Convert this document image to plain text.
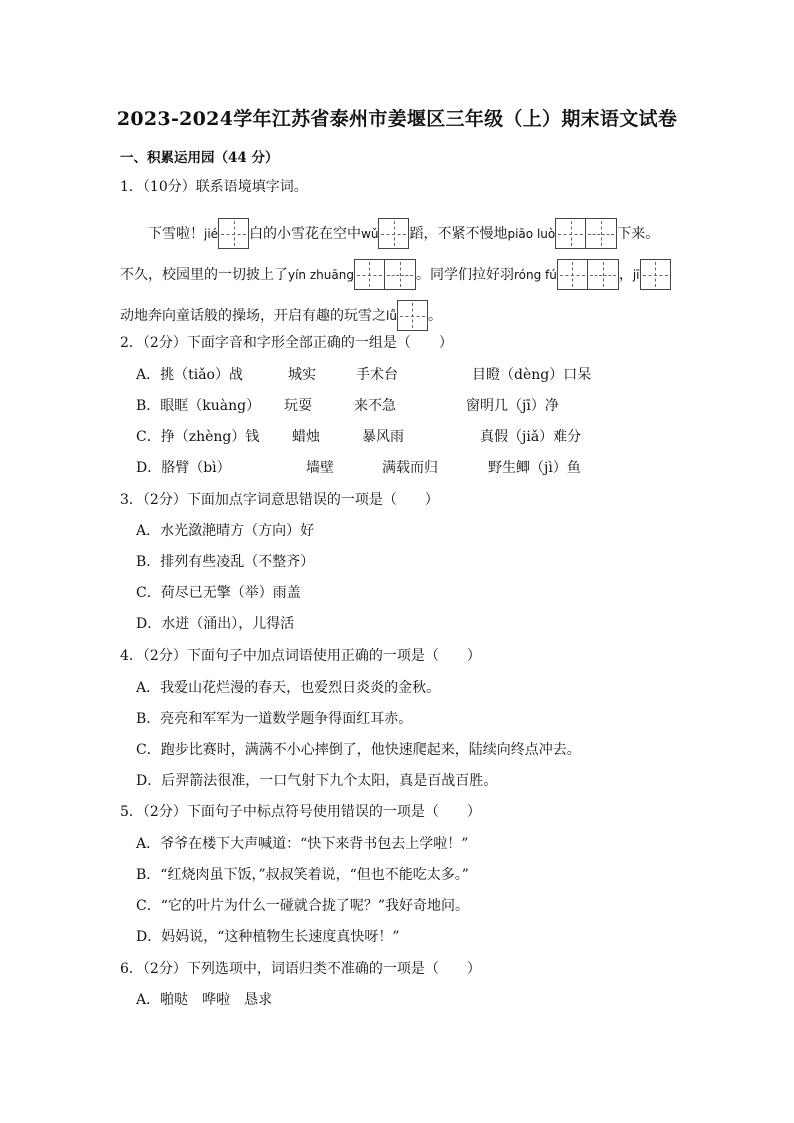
2023-2024学年江苏省泰州市姜堰区三年级（上）期末语文试卷
一、积累运用园（44 分）
1．（10分）联系语境填字词。
下雪啦！jié 白的小雪花在空中wǔ 蹈，不紧不慢地piāo luò	下来。
不久，校园里的一切披上了yín zhuāng	。同学们拉好羽róng fú	，jī
动地奔向童话般的操场，开启有趣的玩雪之lǚ 。
2．（2分）下面字音和字形全部正确的一组是（　　）
A．挑（tiǎo）战	城实	手术台	目瞪（dèng）口呆
B．眼眶（kuàng） 玩耍	来不急	窗明几（jī）净
C．挣（zhèng）钱 蜡烛	暴风雨	真假（jiǎ）难分
D．胳臂（bì）	墙壁	满载而归	野生鲫（jì）鱼
3．（2分）下面加点字词意思错误的一项是（　　）
A．水光潋滟晴方（方向）好
B．排列有些凌乱（不整齐）
C．荷尽已无擎（举）雨盖
D．水迸（涌出），儿得活
4．（2分）下面句子中加点词语使用正确的一项是（　　）
A．我爱山花烂漫的春天，也爱烈日炎炎的金秋。
B．亮亮和军军为一道数学题争得面红耳赤。
C．跑步比赛时，满满不小心摔倒了，他快速爬起来，陆续向终点冲去。
D．后羿箭法很准，一口气射下九个太阳，真是百战百胜。
5．（2分）下面句子中标点符号使用错误的一项是（　　）
A．爷爷在楼下大声喊道：“快下来背书包去上学啦！”
B．“红烧肉虽下饭，”叔叔笑着说，“但也不能吃太多。”
C．“它的叶片为什么一碰就合拢了呢？”我好奇地问。
D．妈妈说，“这种植物生长速度真快呀！”
6．（2分）下列选项中，词语归类不准确的一项是（　　）
A．啪哒　哗啦　恳求
